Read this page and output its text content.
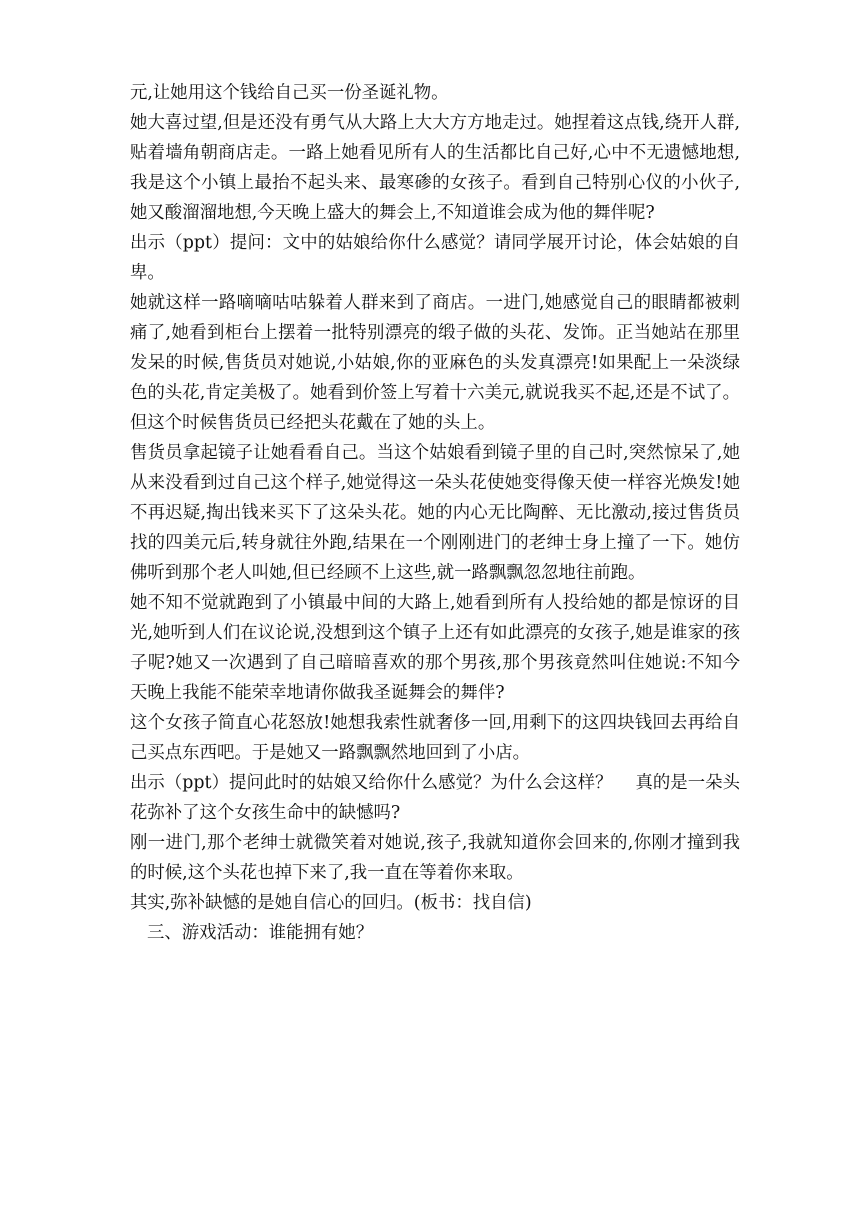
元,让她用这个钱给自己买一份圣诞礼物。

她大喜过望,但是还没有勇气从大路上大大方方地走过。她捏着这点钱,绕开人群,贴着墙角朝商店走。一路上她看见所有人的生活都比自己好,心中不无遗憾地想,我是这个小镇上最抬不起头来、最寒碜的女孩子。看到自己特别心仪的小伙子,她又酸溜溜地想,今天晚上盛大的舞会上,不知道谁会成为他的舞伴呢?

出示（ppt）提问：文中的姑娘给你什么感觉？请同学展开讨论，体会姑娘的自卑。

她就这样一路嘀嘀咕咕躲着人群来到了商店。一进门,她感觉自己的眼睛都被刺痛了,她看到柜台上摆着一批特别漂亮的缎子做的头花、发饰。正当她站在那里发呆的时候,售货员对她说,小姑娘,你的亚麻色的头发真漂亮!如果配上一朵淡绿色的头花,肯定美极了。她看到价签上写着十六美元,就说我买不起,还是不试了。但这个时候售货员已经把头花戴在了她的头上。

售货员拿起镜子让她看看自己。当这个姑娘看到镜子里的自己时,突然惊呆了,她从来没看到过自己这个样子,她觉得这一朵头花使她变得像天使一样容光焕发!她不再迟疑,掏出钱来买下了这朵头花。她的内心无比陶醉、无比激动,接过售货员找的四美元后,转身就往外跑,结果在一个刚刚进门的老绅士身上撞了一下。她仿佛听到那个老人叫她,但已经顾不上这些,就一路飘飘忽忽地往前跑。

她不知不觉就跑到了小镇最中间的大路上,她看到所有人投给她的都是惊讶的目光,她听到人们在议论说,没想到这个镇子上还有如此漂亮的女孩子,她是谁家的孩子呢?她又一次遇到了自己暗暗喜欢的那个男孩,那个男孩竟然叫住她说:不知今天晚上我能不能荣幸地请你做我圣诞舞会的舞伴?

这个女孩子简直心花怒放!她想我索性就奢侈一回,用剩下的这四块钱回去再给自己买点东西吧。于是她又一路飘飘然地回到了小店。

出示（ppt）提问此时的姑娘又给你什么感觉？为什么会这样？　 真的是一朵头花弥补了这个女孩生命中的缺憾吗?

刚一进门,那个老绅士就微笑着对她说,孩子,我就知道你会回来的,你刚才撞到我的时候,这个头花也掉下来了,我一直在等着你来取。

其实,弥补缺憾的是她自信心的回归。(板书：找自信)

三、游戏活动：谁能拥有她？
